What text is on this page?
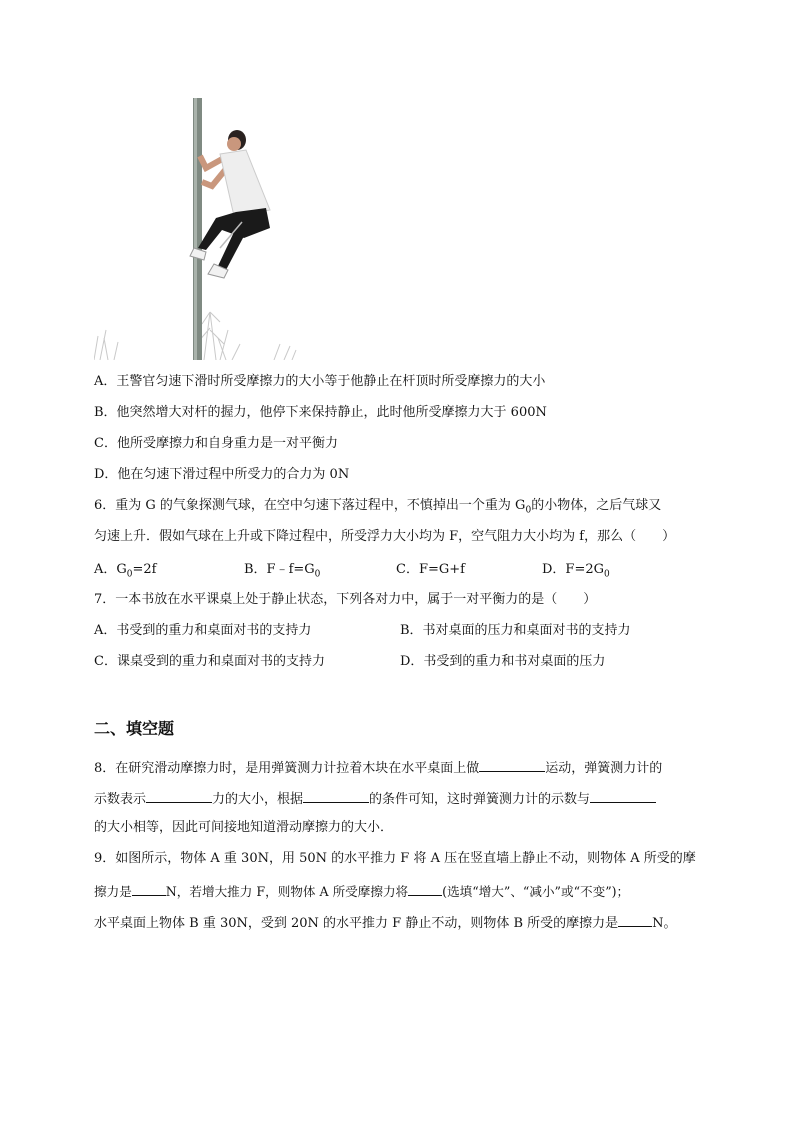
A．王警官匀速下滑时所受摩擦力的大小等于他静止在杆顶时所受摩擦力的大小
B．他突然增大对杆的握力，他停下来保持静止，此时他所受摩擦力大于 600N
C．他所受摩擦力和自身重力是一对平衡力
D．他在匀速下滑过程中所受力的合力为 0N
6．重为 G 的气象探测气球，在空中匀速下落过程中，不慎掉出一个重为 $G_0$的小物体，之后气球又
匀速上升．假如气球在上升或下降过程中，所受浮力大小均为 F，空气阻力大小均为 f，那么（　　）
A．$G_0=2f$	B．$F﹣f=G_0$	C．F=G+f	D．$F=2G_0$
7．一本书放在水平课桌上处于静止状态，下列各对力中，属于一对平衡力的是（　　）
A．书受到的重力和桌面对书的支持力	B．书对桌面的压力和桌面对书的支持力
C．课桌受到的重力和桌面对书的支持力	D．书受到的重力和书对桌面的压力
二、填空题
8．在研究滑动摩擦力时，是用弹簧测力计拉着木块在水平桌面上做	运动，弹簧测力计的
示数表示	力的大小，根据	的条件可知，这时弹簧测力计的示数与
的大小相等，因此可间接地知道滑动摩擦力的大小．
9．如图所示，物体 A 重 30N，用 50N 的水平推力 F 将 A 压在竖直墙上静止不动，则物体 A 所受的摩
擦力是	N，若增大推力 F，则物体 A 所受摩擦力将	(选填“增大”、“减小”或“不变”)；
水平桌面上物体 B 重 30N，受到 20N 的水平推力 F 静止不动，则物体 B 所受的摩擦力是	N。
